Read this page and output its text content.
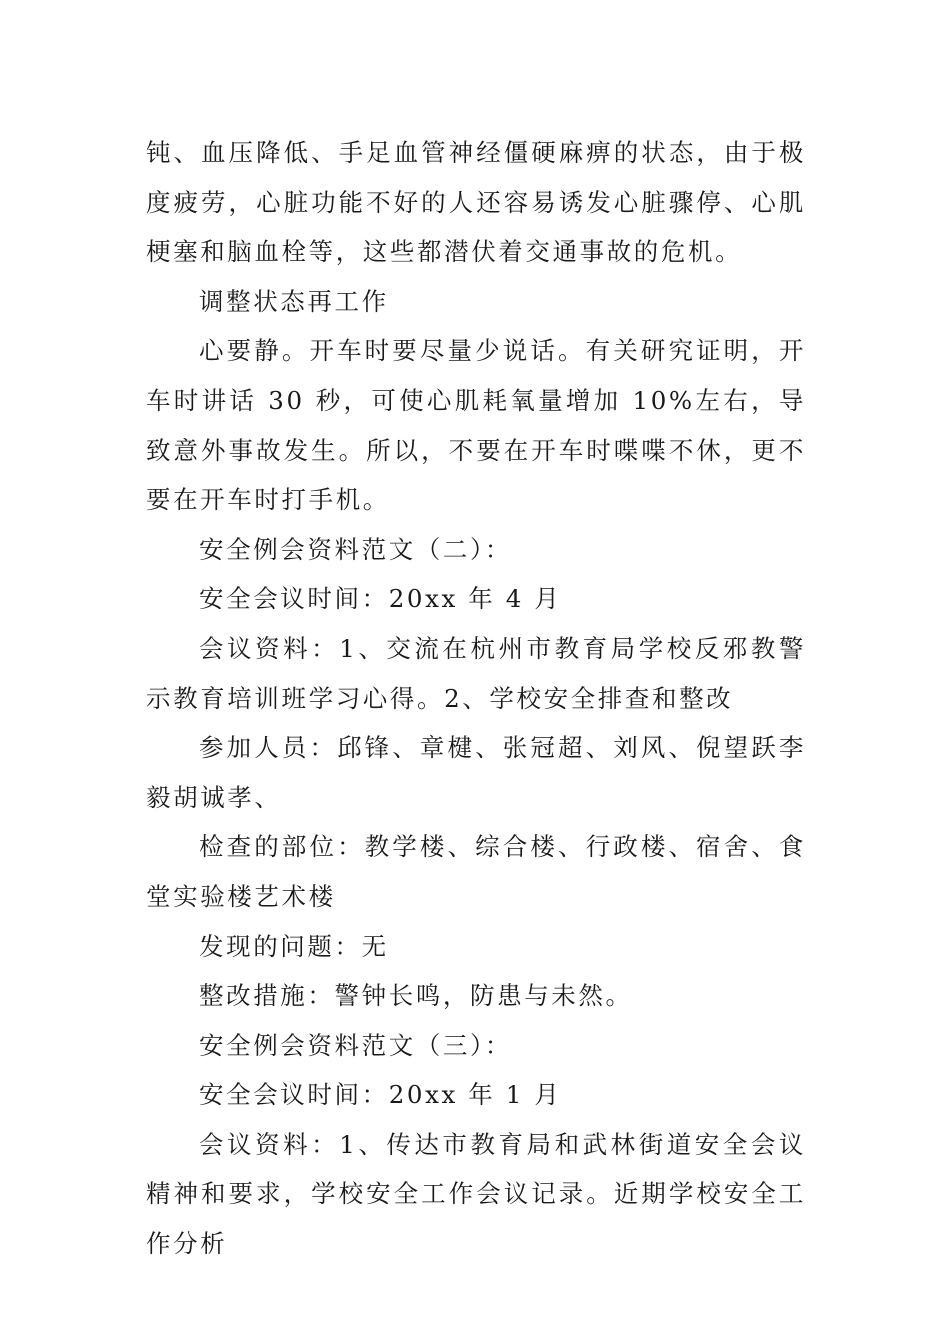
钝、血压降低、手足血管神经僵硬麻痹的状态，由于极度疲劳，心脏功能不好的人还容易诱发心脏骤停、心肌梗塞和脑血栓等，这些都潜伏着交通事故的危机。

调整状态再工作

心要静。开车时要尽量少说话。有关研究证明，开车时讲话 30 秒，可使心肌耗氧量增加 10%左右，导致意外事故发生。所以，不要在开车时喋喋不休，更不要在开车时打手机。

安全例会资料范文（二）：

安全会议时间：20xx 年 4 月

会议资料：1、交流在杭州市教育局学校反邪教警示教育培训班学习心得。2、学校安全排查和整改

参加人员：邱锋、章楗、张冠超、刘风、倪望跃李毅胡诚孝、

检查的部位：教学楼、综合楼、行政楼、宿舍、食堂实验楼艺术楼

发现的问题：无

整改措施：警钟长鸣，防患与未然。

安全例会资料范文（三）：

安全会议时间：20xx 年 1 月

会议资料：1、传达市教育局和武林街道安全会议精神和要求，学校安全工作会议记录。近期学校安全工作分析
